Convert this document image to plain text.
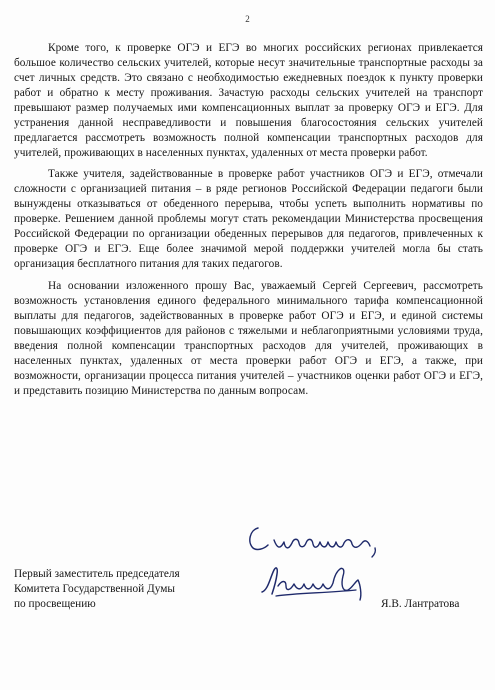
2

Кроме того, к проверке ОГЭ и ЕГЭ во многих российских регионах привлекается большое количество сельских учителей, которые несут значительные транспортные расходы за счет личных средств. Это связано с необходимостью ежедневных поездок к пункту проверки работ и обратно к месту проживания. Зачастую расходы сельских учителей на транспорт превышают размер получаемых ими компенсационных выплат за проверку ОГЭ и ЕГЭ. Для устранения данной несправедливости и повышения благосостояния сельских учителей предлагается рассмотреть возможность полной компенсации транспортных расходов для учителей, проживающих в населенных пунктах, удаленных от места проверки работ.

Также учителя, задействованные в проверке работ участников ОГЭ и ЕГЭ, отмечали сложности с организацией питания – в ряде регионов Российской Федерации педагоги были вынуждены отказываться от обеденного перерыва, чтобы успеть выполнить нормативы по проверке. Решением данной проблемы могут стать рекомендации Министерства просвещения Российской Федерации по организации обеденных перерывов для педагогов, привлеченных к проверке ОГЭ и ЕГЭ. Еще более значимой мерой поддержки учителей могла бы стать организация бесплатного питания для таких педагогов.

На основании изложенного прошу Вас, уважаемый Сергей Сергеевич, рассмотреть возможность установления единого федерального минимального тарифа компенсационной выплаты для педагогов, задействованных в проверке работ ОГЭ и ЕГЭ, и единой системы повышающих коэффициентов для районов с тяжелыми и неблагоприятными условиями труда, введения полной компенсации транспортных расходов для учителей, проживающих в населенных пунктах, удаленных от места проверки работ ОГЭ и ЕГЭ, а также, при возможности, организации процесса питания учителей – участников оценки работ ОГЭ и ЕГЭ, и представить позицию Министерства по данным вопросам.

Первый заместитель председателя
Комитета Государственной Думы
по просвещению	Я.В. Лантратова
